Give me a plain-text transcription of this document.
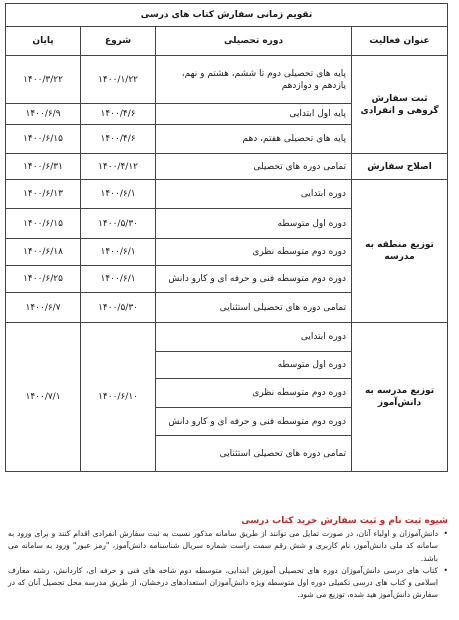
تقویم زمانی سفارش کتاب های درسی			
عنوان فعالیت	دوره تحصیلی	شروع	پایان
ثبت سفارش گروهی و انفرادی	پایه های تحصیلی دوم تا ششم، هشتم و نهم، یازدهم و دوازدهم	۱۴۰۰/۱/۲۲	۱۴۰۰/۳/۲۲
	پایه اول ابتدایی	۱۴۰۰/۴/۶	۱۴۰۰/۶/۹
	پایه های تحصیلی هفتم، دهم	۱۴۰۰/۴/۶	۱۴۰۰/۶/۱۵
اصلاح سفارش	تمامی دوره های تحصیلی	۱۴۰۰/۴/۱۲	۱۴۰۰/۶/۳۱
توزیع منطقه به مدرسه	دوره ابتدایی	۱۴۰۰/۶/۱	۱۴۰۰/۶/۱۳
	دوره اول متوسطه	۱۴۰۰/۵/۳۰	۱۴۰۰/۶/۱۵
	دوره دوم متوسطه نظری	۱۴۰۰/۶/۱	۱۴۰۰/۶/۱۸
	دوره دوم متوسطه فنی و حرفه ای و کارو دانش	۱۴۰۰/۶/۱	۱۴۰۰/۶/۲۵
	تمامی دوره های تحصیلی استثنایی	۱۴۰۰/۵/۳۰	۱۴۰۰/۶/۷
توزیع مدرسه به دانش‌آموز	دوره ابتدایی	۱۴۰۰/۶/۱۰	۱۴۰۰/۷/۱
	دوره اول متوسطه		
	دوره دوم متوسطه نظری		
	دوره دوم متوسطه فنی و حرفه ای و کارو دانش		
	تمامی دوره های تحصیلی استثنایی		
شیوه ثبت نام و ثبت سفارش خرید کتاب درسی
•
دانش‌آموزان و اولیاء آنان، در صورت تمایل می توانند از طریق سامانه مذکور نسبت به ثبت سفارش انفرادی اقدام کنند و برای ورود به سامانه کد ملی دانش‌آموز، نام کاربری و شش رقم سمت راست شماره سریال شناسنامه دانش‌آموز، "رمز عبور" ورود به سامانه می باشد.
•
کتاب های درسی دانش‌آموزان دوره های تحصیلی آموزش ابتدایی، متوسطه دوم شاخه های فنی و حرفه ای، کاردانش، رشته معارف اسلامی و کتاب های درسی تکمیلی دوره اول متوسطه ویژه دانش‌آموزان استعدادهای درخشان، از طریق مدرسه محل تحصیل آنان که در سفارش دانش‌آموز هید شده، توزیع می شود.
